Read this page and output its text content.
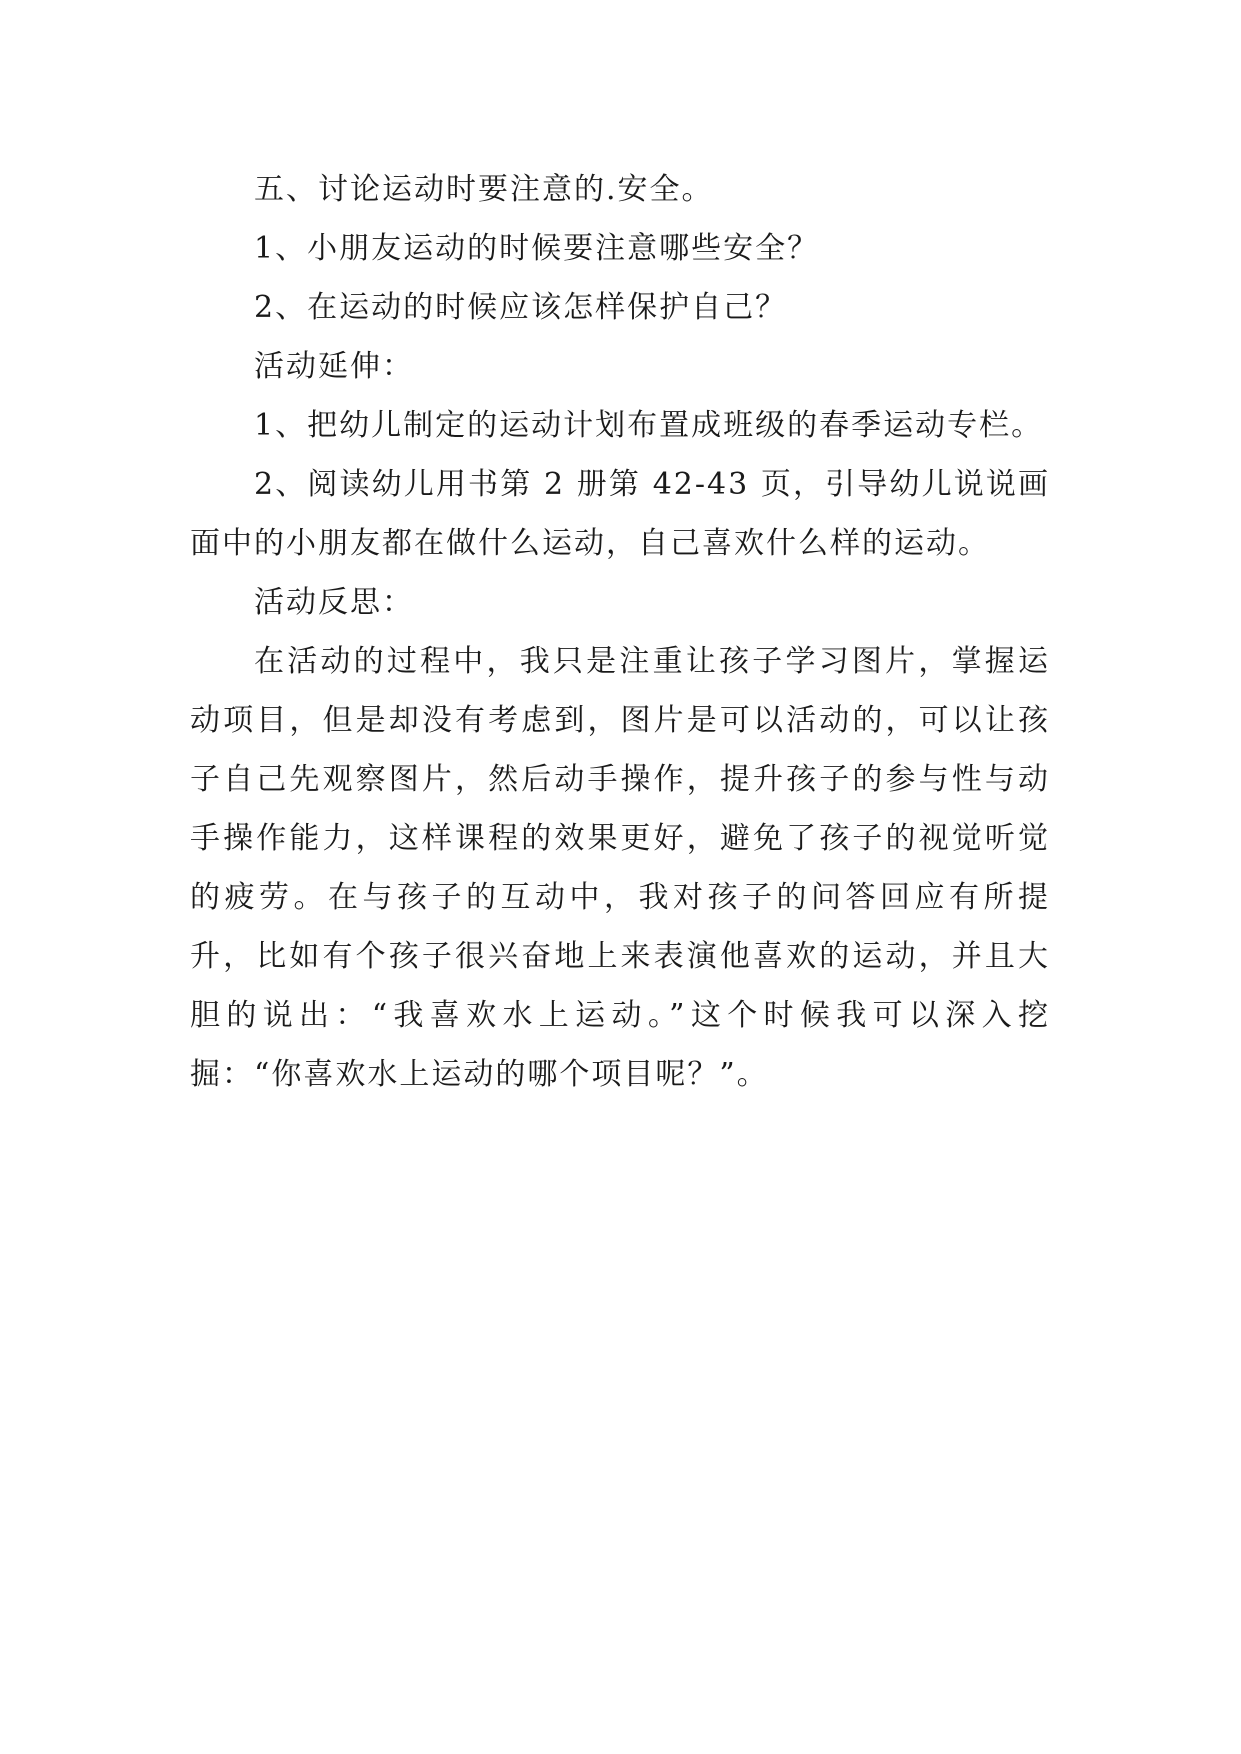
五、讨论运动时要注意的.安全。

1、小朋友运动的时候要注意哪些安全？

2、在运动的时候应该怎样保护自己？

活动延伸：

1、把幼儿制定的运动计划布置成班级的春季运动专栏。

2、阅读幼儿用书第 2 册第 42-43 页，引导幼儿说说画面中的小朋友都在做什么运动，自己喜欢什么样的运动。

活动反思：

在活动的过程中，我只是注重让孩子学习图片，掌握运动项目，但是却没有考虑到，图片是可以活动的，可以让孩子自己先观察图片，然后动手操作，提升孩子的参与性与动手操作能力，这样课程的效果更好，避免了孩子的视觉听觉的疲劳。在与孩子的互动中，我对孩子的问答回应有所提升，比如有个孩子很兴奋地上来表演他喜欢的运动，并且大胆的说出：“我喜欢水上运动。”这个时候我可以深入挖掘：“你喜欢水上运动的哪个项目呢？”。
